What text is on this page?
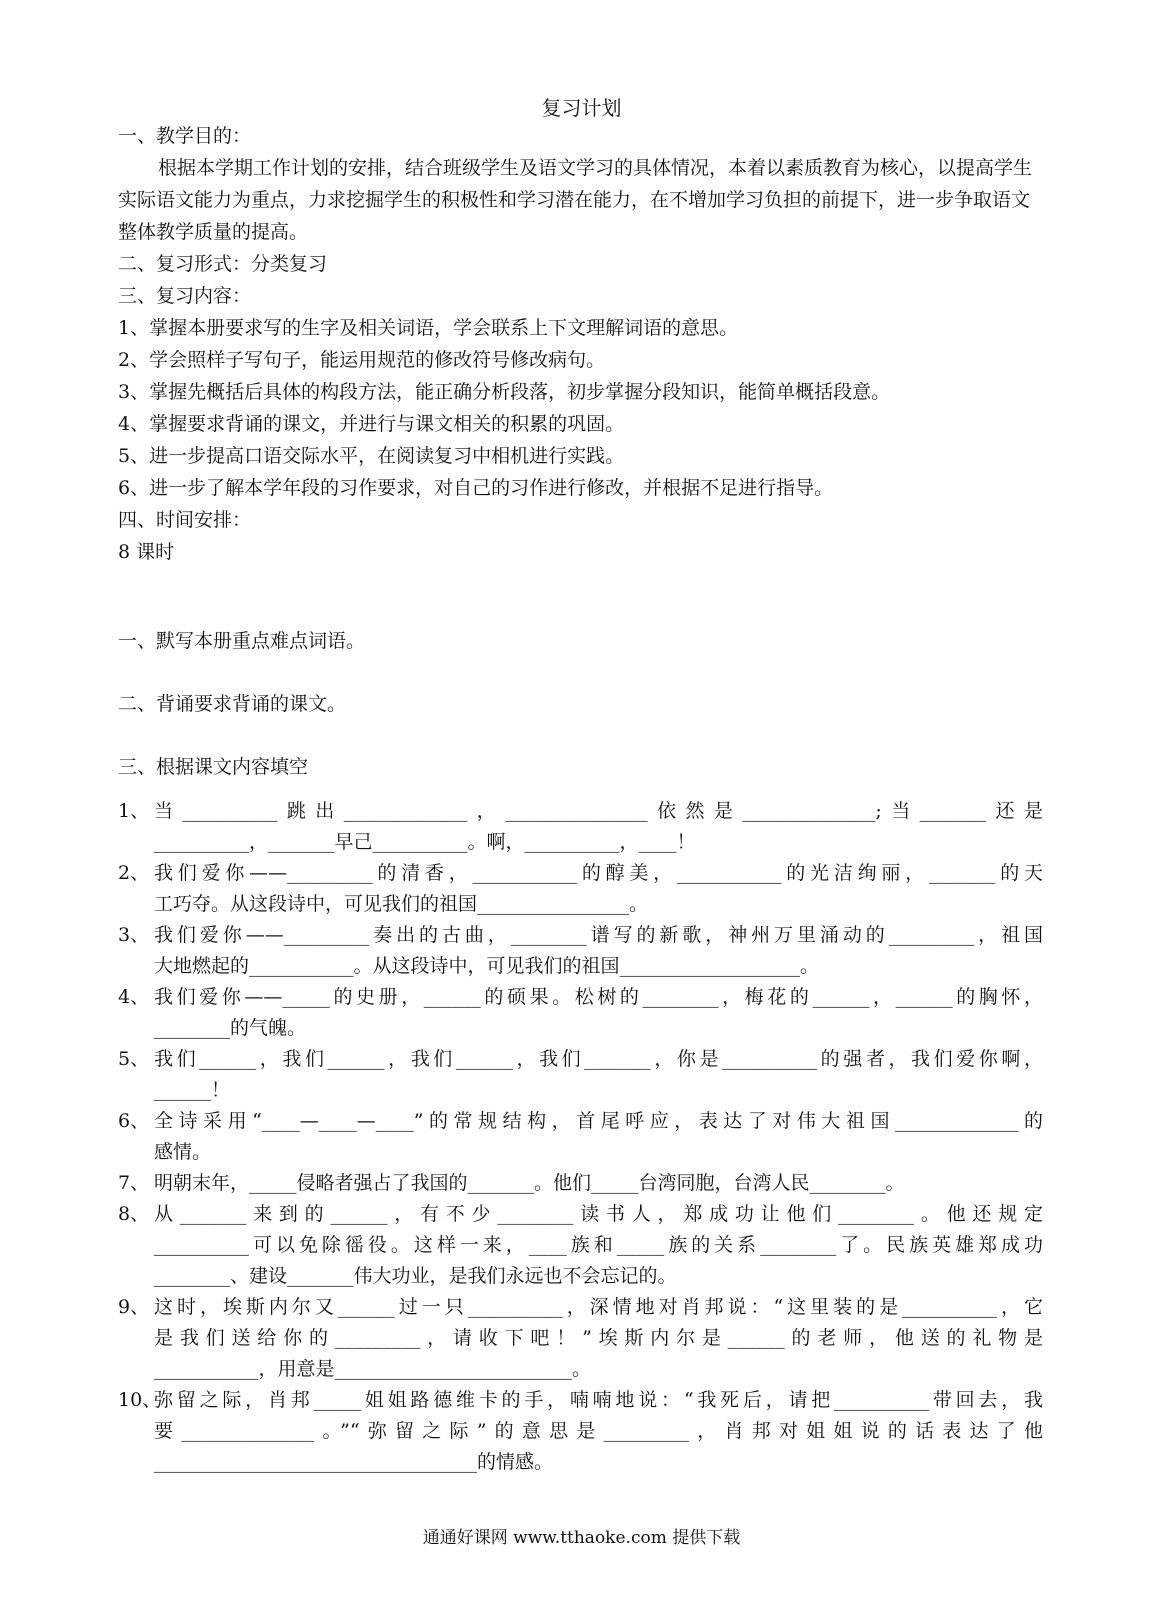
复习计划
一、教学目的：
根据本学期工作计划的安排，结合班级学生及语文学习的具体情况，本着以素质教育为核心，以提高学生实际语文能力为重点，力求挖掘学生的积极性和学习潜在能力，在不增加学习负担的前提下，进一步争取语文整体教学质量的提高。
二、复习形式：分类复习
三、复习内容：
1、掌握本册要求写的生字及相关词语，学会联系上下文理解词语的意思。
2、学会照样子写句子，能运用规范的修改符号修改病句。
3、掌握先概括后具体的构段方法，能正确分析段落，初步掌握分段知识，能简单概括段意。
4、掌握要求背诵的课文，并进行与课文相关的积累的巩固。
5、进一步提高口语交际水平，在阅读复习中相机进行实践。
6、进一步了解本学年段的习作要求，对自己的习作进行修改，并根据不足进行指导。
四、时间安排：
8 课时
一、默写本册重点难点词语。
二、背诵要求背诵的课文。
三、根据课文内容填空
1、 当__________跳出_____________，_______________依然是______________;当_______还是
__________，_______早己__________。啊，__________，____！
2、 我们爱你——_________的清香，___________的醇美，___________的光洁绚丽，_______的天
工巧夺。从这段诗中，可见我们的祖国________________。
3、 我们爱你——_________奏出的古曲，________谱写的新歌，神州万里涌动的_________，祖国
大地燃起的___________。从这段诗中，可见我们的祖国___________________。
4、 我们爱你——_____的史册，______的硕果。松树的________，梅花的______，______的胸怀，
________的气魄。
5、 我们______，我们______，我们______，我们_______，你是__________的强者，我们爱你啊，
______！
6、 全诗采用“____—____—____”的常规结构，首尾呼应，表达了对伟大祖国_____________的
感情。
7、 明朝末年，_____侵略者强占了我国的_______。他们_____台湾同胞，台湾人民________。
8、 从_______来到的______，有不少________读书人，郑成功让他们________。他还规定
__________可以免除徭役。这样一来，____族和_____族的关系________了。民族英雄郑成功
________、建设_______伟大功业，是我们永远也不会忘记的。
9、 这时，埃斯内尔又______过一只__________，深情地对肖邦说：“这里装的是__________，它
是我们送给你的_________，请收下吧！”埃斯内尔是______的老师，他送的礼物是
___________，用意是_________________________。
10、
弥留之际，肖邦_____姐姐路德维卡的手，喃喃地说：“我死后，请把__________带回去，我
要______________。”“弥留之际”的意思是_________，肖邦对姐姐说的话表达了他
__________________________________的情感。
通通好课网 www.tthaoke.com 提供下载
